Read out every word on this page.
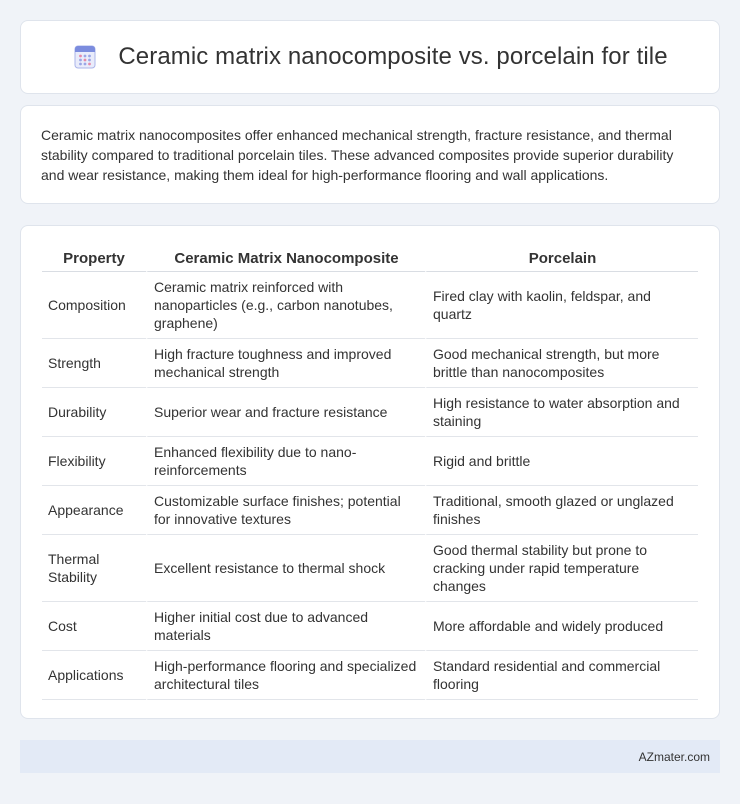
Ceramic matrix nanocomposite vs. porcelain for tile

Ceramic matrix nanocomposites offer enhanced mechanical strength, fracture resistance, and thermal stability compared to traditional porcelain tiles. These advanced composites provide superior durability and wear resistance, making them ideal for high-performance flooring and wall applications.

Property	Ceramic Matrix Nanocomposite	Porcelain
Composition	Ceramic matrix reinforced with nanoparticles (e.g., carbon nanotubes, graphene)	Fired clay with kaolin, feldspar, and quartz
Strength	High fracture toughness and improved mechanical strength	Good mechanical strength, but more brittle than nanocomposites
Durability	Superior wear and fracture resistance	High resistance to water absorption and staining
Flexibility	Enhanced flexibility due to nano-reinforcements	Rigid and brittle
Appearance	Customizable surface finishes; potential for innovative textures	Traditional, smooth glazed or unglazed finishes
Thermal Stability	Excellent resistance to thermal shock	Good thermal stability but prone to cracking under rapid temperature changes
Cost	Higher initial cost due to advanced materials	More affordable and widely produced
Applications	High-performance flooring and specialized architectural tiles	Standard residential and commercial flooring
AZmater.com
